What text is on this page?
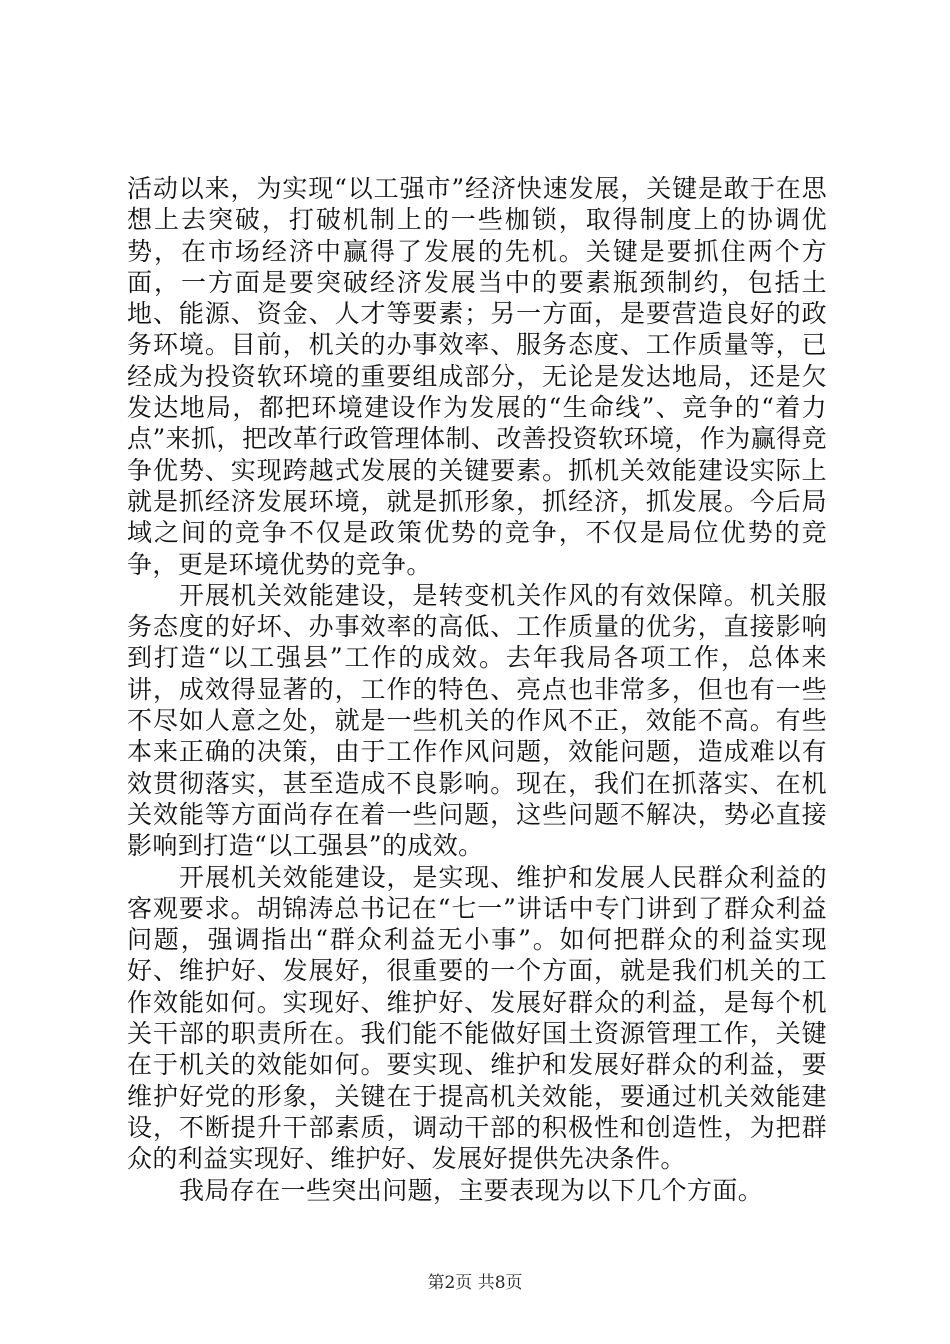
活动以来，为实现“以工强市”经济快速发展，关键是敢于在思想上去突破，打破机制上的一些枷锁，取得制度上的协调优势，在市场经济中赢得了发展的先机。关键是要抓住两个方面，一方面是要突破经济发展当中的要素瓶颈制约，包括土地、能源、资金、人才等要素；另一方面，是要营造良好的政务环境。目前，机关的办事效率、服务态度、工作质量等，已经成为投资软环境的重要组成部分，无论是发达地局，还是欠发达地局，都把环境建设作为发展的“生命线”、竞争的“着力点”来抓，把改革行政管理体制、改善投资软环境，作为赢得竞争优势、实现跨越式发展的关键要素。抓机关效能建设实际上就是抓经济发展环境，就是抓形象，抓经济，抓发展。今后局域之间的竞争不仅是政策优势的竞争，不仅是局位优势的竞争，更是环境优势的竞争。

开展机关效能建设，是转变机关作风的有效保障。机关服务态度的好坏、办事效率的高低、工作质量的优劣，直接影响到打造“以工强县”工作的成效。去年我局各项工作，总体来讲，成效得显著的，工作的特色、亮点也非常多，但也有一些不尽如人意之处，就是一些机关的作风不正，效能不高。有些本来正确的决策，由于工作作风问题，效能问题，造成难以有效贯彻落实，甚至造成不良影响。现在，我们在抓落实、在机关效能等方面尚存在着一些问题，这些问题不解决，势必直接影响到打造“以工强县”的成效。

开展机关效能建设，是实现、维护和发展人民群众利益的客观要求。胡锦涛总书记在“七一”讲话中专门讲到了群众利益问题，强调指出“群众利益无小事”。如何把群众的利益实现好、维护好、发展好，很重要的一个方面，就是我们机关的工作效能如何。实现好、维护好、发展好群众的利益，是每个机关干部的职责所在。我们能不能做好国土资源管理工作，关键在于机关的效能如何。要实现、维护和发展好群众的利益，要维护好党的形象，关键在于提高机关效能，要通过机关效能建设，不断提升干部素质，调动干部的积极性和创造性，为把群众的利益实现好、维护好、发展好提供先决条件。

我局存在一些突出问题，主要表现为以下几个方面。

第2页 共8页
